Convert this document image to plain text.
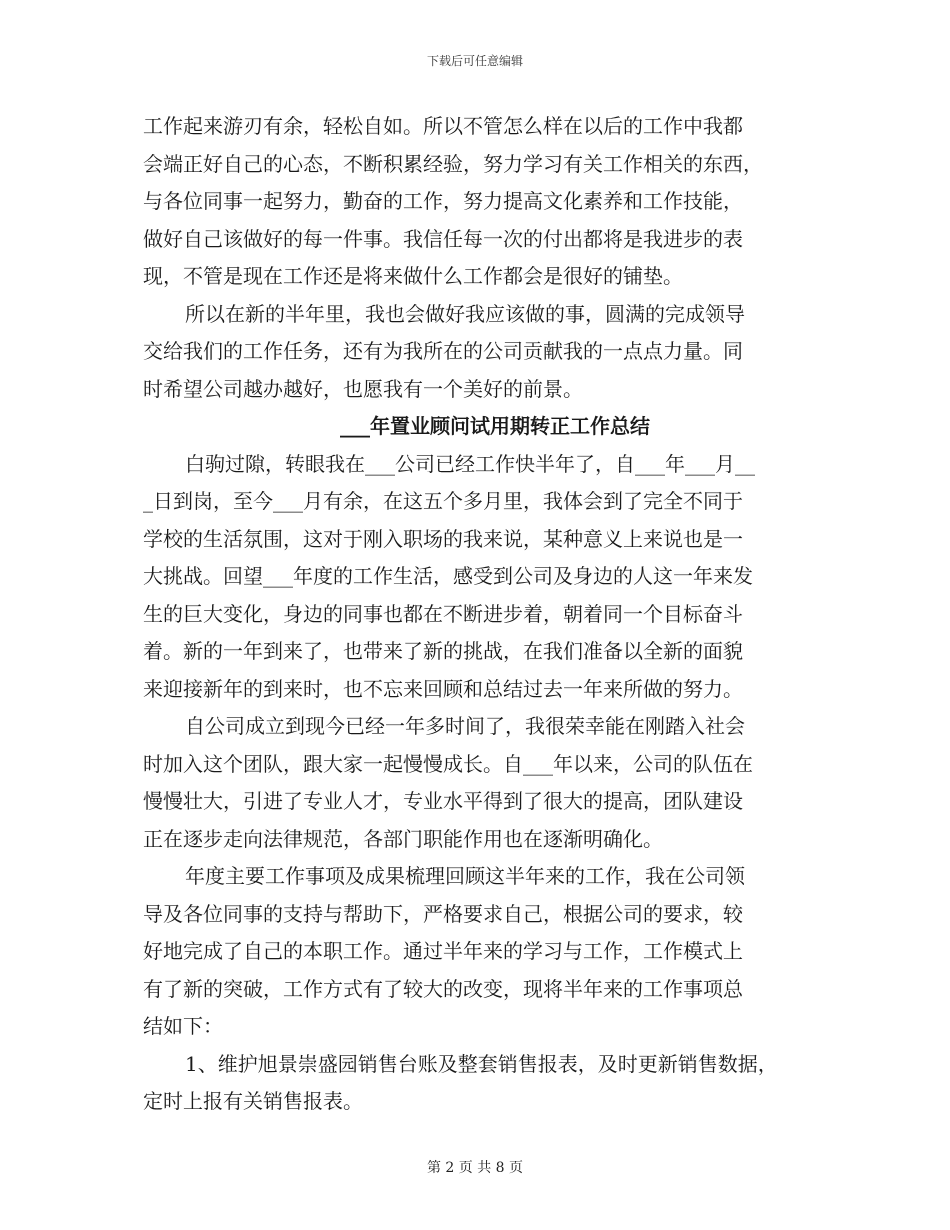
下载后可任意编辑
工作起来游刃有余，轻松自如。所以不管怎么样在以后的工作中我都
会端正好自己的心态，不断积累经验，努力学习有关工作相关的东西，
与各位同事一起努力，勤奋的工作，努力提高文化素养和工作技能，
做好自己该做好的每一件事。我信任每一次的付出都将是我进步的表
现，不管是现在工作还是将来做什么工作都会是很好的铺垫。
所以在新的半年里，我也会做好我应该做的事，圆满的完成领导
交给我们的工作任务，还有为我所在的公司贡献我的一点点力量。同
时希望公司越办越好，也愿我有一个美好的前景。
___年置业顾问试用期转正工作总结
白驹过隙，转眼我在___公司已经工作快半年了，自___年___月__
_日到岗，至今___月有余，在这五个多月里，我体会到了完全不同于
学校的生活氛围，这对于刚入职场的我来说，某种意义上来说也是一
大挑战。回望___年度的工作生活，感受到公司及身边的人这一年来发
生的巨大变化，身边的同事也都在不断进步着，朝着同一个目标奋斗
着。新的一年到来了，也带来了新的挑战，在我们准备以全新的面貌
来迎接新年的到来时，也不忘来回顾和总结过去一年来所做的努力。
自公司成立到现今已经一年多时间了，我很荣幸能在刚踏入社会
时加入这个团队，跟大家一起慢慢成长。自___年以来，公司的队伍在
慢慢壮大，引进了专业人才，专业水平得到了很大的提高，团队建设
正在逐步走向法律规范，各部门职能作用也在逐渐明确化。
年度主要工作事项及成果梳理回顾这半年来的工作，我在公司领
导及各位同事的支持与帮助下，严格要求自己，根据公司的要求，较
好地完成了自己的本职工作。通过半年来的学习与工作，工作模式上
有了新的突破，工作方式有了较大的改变，现将半年来的工作事项总
结如下：
1、维护旭景崇盛园销售台账及整套销售报表，及时更新销售数据，
定时上报有关销售报表。
第 2 页 共 8 页
